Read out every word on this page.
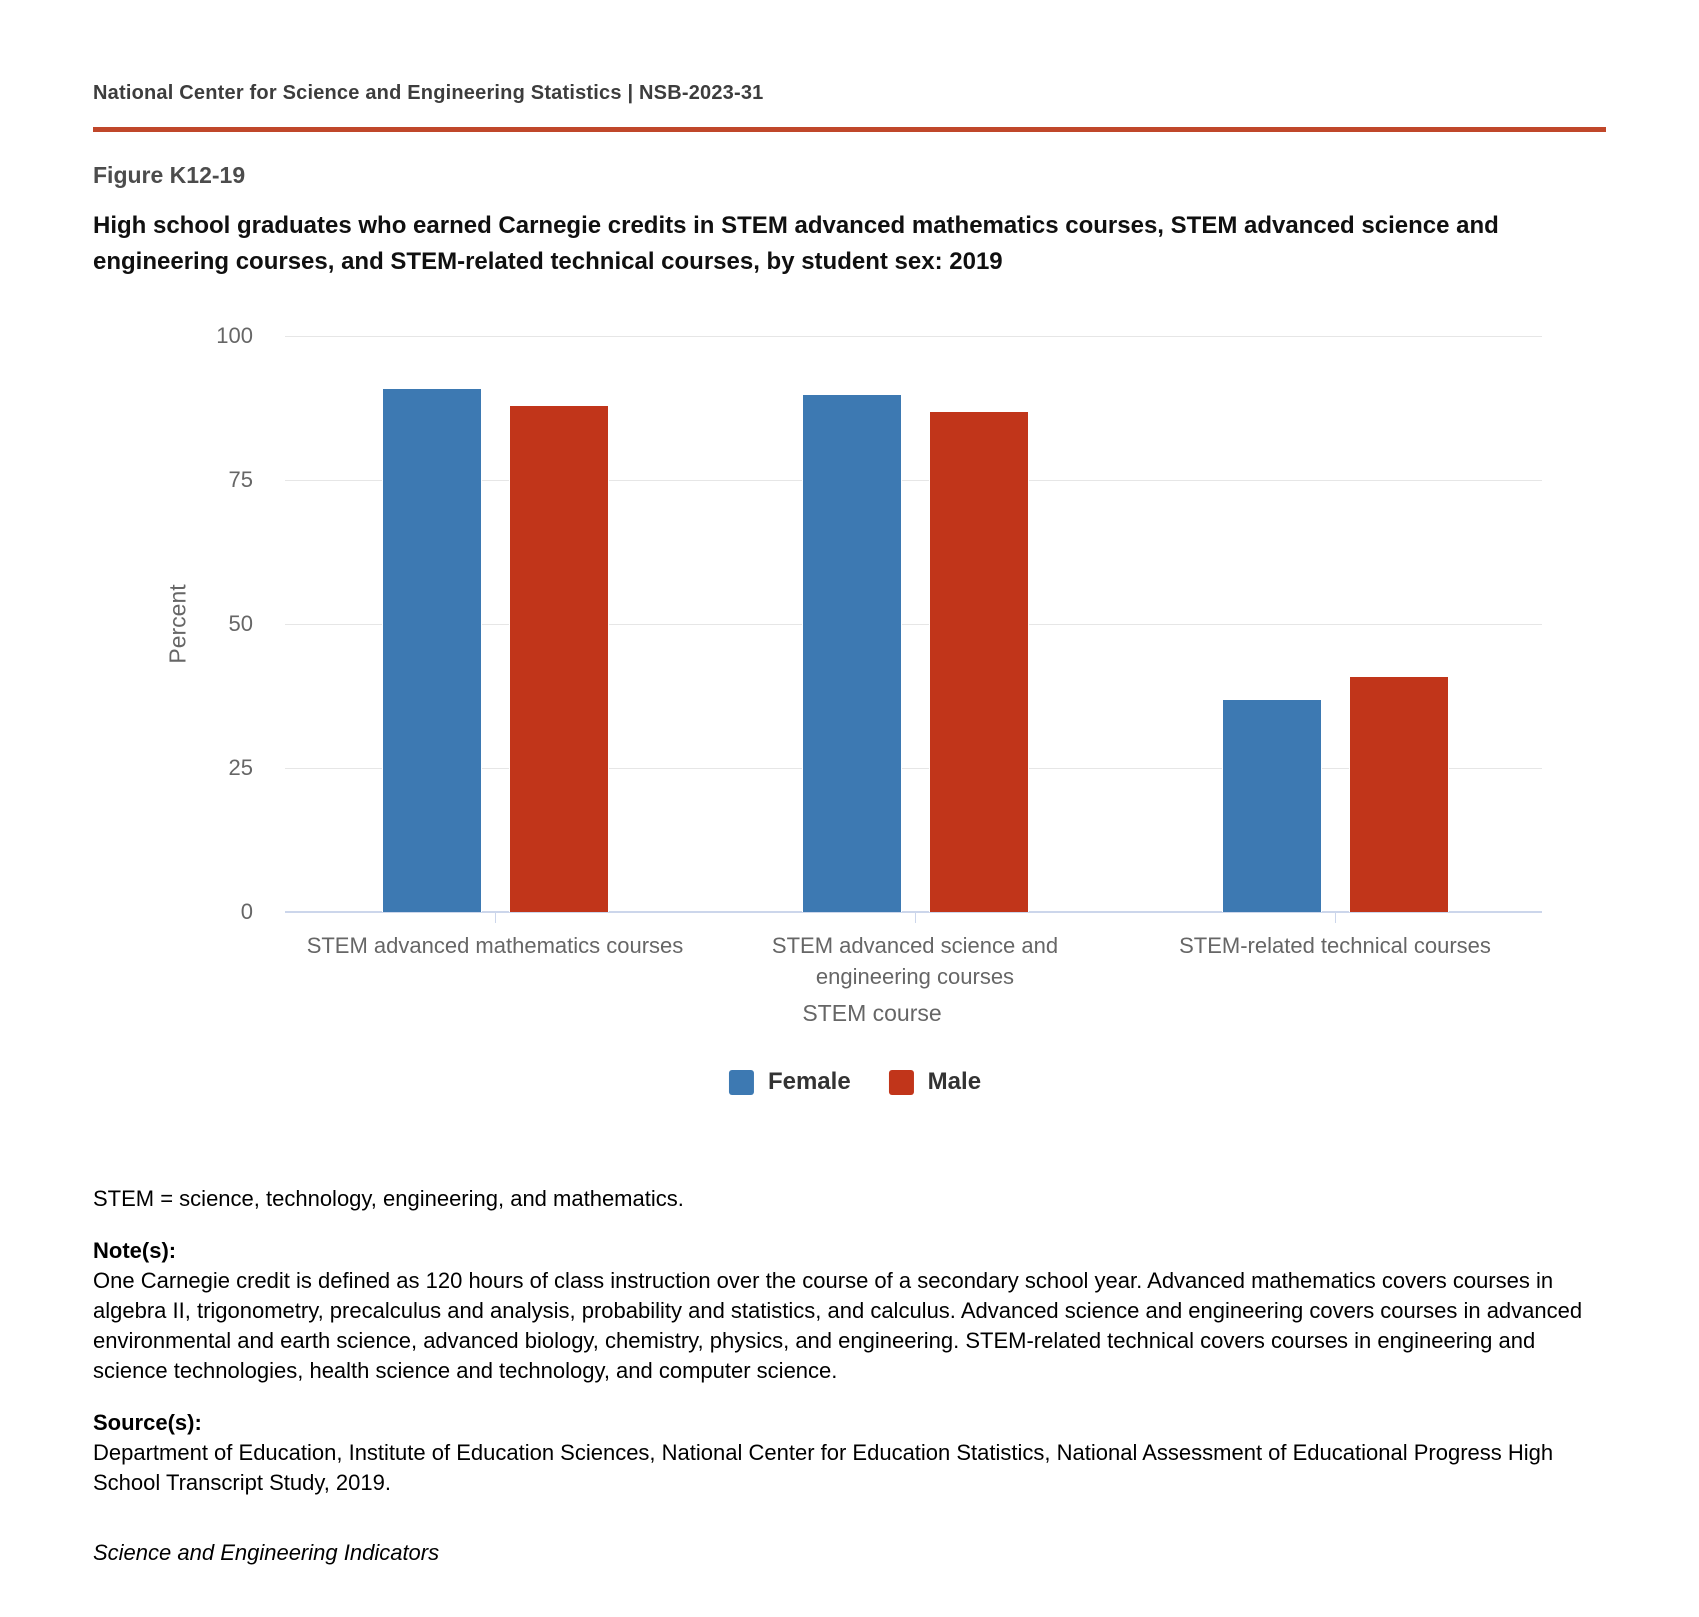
National Center for Science and Engineering Statistics | NSB-2023-31
Figure K12-19
High school graduates who earned Carnegie credits in STEM advanced mathematics courses, STEM advanced science and engineering courses, and STEM-related technical courses, by student sex: 2019
Percent
0
25
50
75
100
STEM advanced mathematics courses	STEM advanced science and engineering courses
STEM-related technical courses
STEM course
Female	Male

STEM = science, technology, engineering, and mathematics.

Note(s):

One Carnegie credit is defined as 120 hours of class instruction over the course of a secondary school year. Advanced mathematics covers courses in algebra II, trigonometry, precalculus and analysis, probability and statistics, and calculus. Advanced science and engineering covers courses in advanced environmental and earth science, advanced biology, chemistry, physics, and engineering. STEM-related technical covers courses in engineering and science technologies, health science and technology, and computer science.

Source(s):

Department of Education, Institute of Education Sciences, National Center for Education Statistics, National Assessment of Educational Progress High School Transcript Study, 2019.

Science and Engineering Indicators
